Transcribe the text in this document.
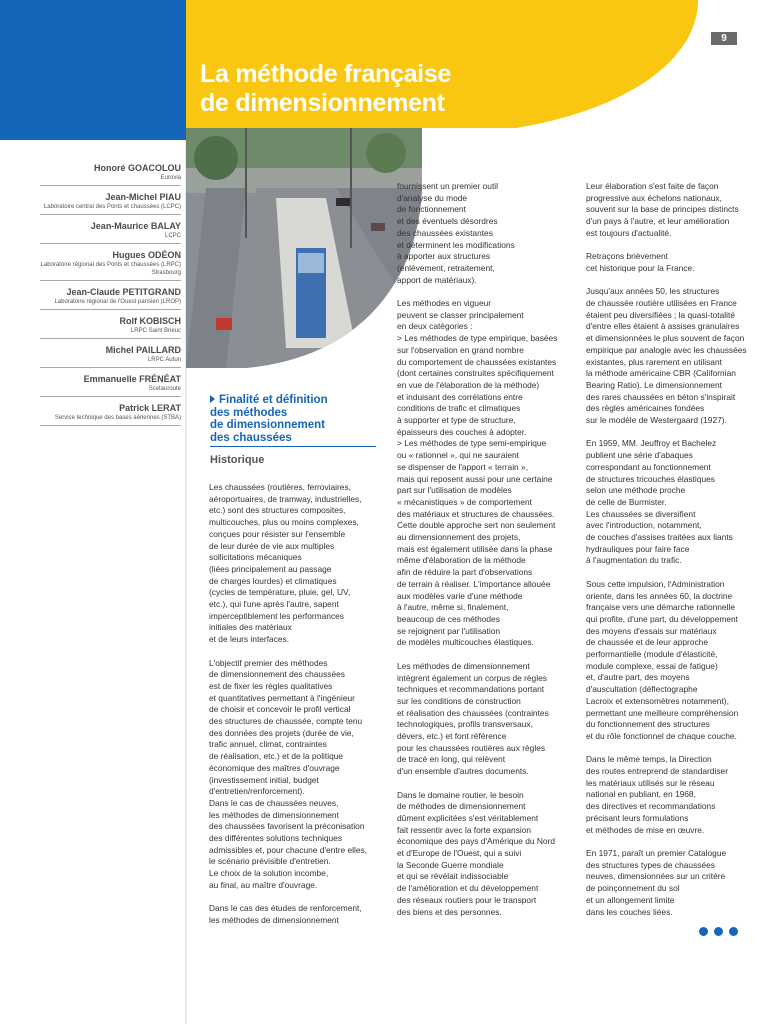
9
La méthode française
de dimensionnement
Honoré GOACOLOU
Eurovia
Jean-Michel PIAU
Laboratoire central des Ponts et chaussées (LCPC)
Jean-Maurice BALAY
LCPC
Hugues ODÉON
Laboratoire régional des Ponts et chaussées (LRPC) Strasbourg
Jean-Claude PETITGRAND
Laboratoire régional de l'Ouest parisien (LROP)
Rolf KOBISCH
LRPC Saint Brieuc
Michel PAILLARD
LRPC Autun
Emmanuelle FRÉNÉAT
Scetauroute
Patrick LERAT
Service technique des bases aériennes (STBA)
Finalité et définition
des méthodes
de dimensionnement
des chaussées
Historique

Les chaussées (routières, ferroviaires,
aéroportuaires, de tramway, industrielles,
etc.) sont des structures composites,
multicouches, plus ou moins complexes,
conçues pour résister sur l'ensemble
de leur durée de vie aux multiples
sollicitations mécaniques
(liées principalement au passage
de charges lourdes) et climatiques
(cycles de température, pluie, gel, UV,
etc.), qui l'une après l'autre, sapent
imperceptiblement les performances
initiales des matériaux
et de leurs interfaces.

L'objectif premier des méthodes
de dimensionnement des chaussées
est de fixer les règles qualitatives
et quantitatives permettant à l'ingénieur
de choisir et concevoir le profil vertical
des structures de chaussée, compte tenu
des données des projets (durée de vie,
trafic annuel, climat, contraintes
de réalisation, etc.) et de la politique
économique des maîtres d'ouvrage
(investissement initial, budget
d'entretien/renforcement).
Dans le cas de chaussées neuves,
les méthodes de dimensionnement
des chaussées favorisent la préconisation
des différentes solutions techniques
admissibles et, pour chacune d'entre elles,
le scénario prévisible d'entretien.
Le choix de la solution incombe,
au final, au maître d'ouvrage.

Dans le cas des études de renforcement,
les méthodes de dimensionnement

fournissent un premier outil
d'analyse du mode
de fonctionnement
et des éventuels désordres
des chaussées existantes
et déterminent les modifications
à apporter aux structures
(enlèvement, retraitement,
apport de matériaux).

Les méthodes en vigueur
peuvent se classer principalement
en deux catégories :
> Les méthodes de type empirique, basées
sur l'observation en grand nombre
du comportement de chaussées existantes
(dont certaines construites spécifiquement
en vue de l'élaboration de la méthode)
et induisant des corrélations entre
conditions de trafic et climatiques
à supporter et type de structure,
épaisseurs des couches à adopter.
> Les méthodes de type semi-empirique
ou « rationnel », qui ne sauraient
se dispenser de l'apport « terrain »,
mais qui reposent aussi pour une certaine
part sur l'utilisation de modèles
« mécanistiques » de comportement
des matériaux et structures de chaussées.
Cette double approche sert non seulement
au dimensionnement des projets,
mais est également utilisée dans la phase
même d'élaboration de la méthode
afin de réduire la part d'observations
de terrain à réaliser. L'importance allouée
aux modèles varie d'une méthode
à l'autre, même si, finalement,
beaucoup de ces méthodes
se rejoignent par l'utilisation
de modèles multicouches élastiques.

Les méthodes de dimensionnement
intègrent également un corpus de règles
techniques et recommandations portant
sur les conditions de construction
et réalisation des chaussées (contraintes
technologiques, profils transversaux,
dévers, etc.) et font référence
pour les chaussées routières aux règles
de tracé en long, qui relèvent
d'un ensemble d'autres documents.

Dans le domaine routier, le besoin
de méthodes de dimensionnement
dûment explicitées s'est véritablement
fait ressentir avec la forte expansion
économique des pays d'Amérique du Nord
et d'Europe de l'Ouest, qui a suivi
la Seconde Guerre mondiale
et qui se révélait indissociable
de l'amélioration et du développement
des réseaux routiers pour le transport
des biens et des personnes.

Leur élaboration s'est faite de façon
progressive aux échelons nationaux,
souvent sur la base de principes distincts
d'un pays à l'autre, et leur amélioration
est toujours d'actualité.

Retraçons brièvement
cet historique pour la France.

Jusqu'aux années 50, les structures
de chaussée routière utilisées en France
étaient peu diversifiées ; la quasi-totalité
d'entre elles étaient à assises granulaires
et dimensionnées le plus souvent de façon
empirique par analogie avec les chaussées
existantes, plus rarement en utilisant
la méthode américaine CBR (Californian
Bearing Ratio). Le dimensionnement
des rares chaussées en béton s'inspirait
des règles américaines fondées
sur le modèle de Westergaard (1927).

En 1959, MM. Jeuffroy et Bachelez
publient une série d'abaques
correspondant au fonctionnement
de structures tricouches élastiques
selon une méthode proche
de celle de Burmister.
Les chaussées se diversifient
avec l'introduction, notamment,
de couches d'assises traitées aux liants
hydrauliques pour faire face
à l'augmentation du trafic.

Sous cette impulsion, l'Administration
oriente, dans les années 60, la doctrine
française vers une démarche rationnelle
qui profite, d'une part, du développement
des moyens d'essais sur matériaux
de chaussée et de leur approche
performantielle (module d'élasticité,
module complexe, essai de fatigue)
et, d'autre part, des moyens
d'auscultation (déflectographe
Lacroix et extensomètres notamment),
permettant une meilleure compréhension
du fonctionnement des structures
et du rôle fonctionnel de chaque couche.

Dans le même temps, la Direction
des routes entreprend de standardiser
les matériaux utilisés sur le réseau
national en publiant, en 1968,
des directives et recommandations
précisant leurs formulations
et méthodes de mise en œuvre.

En 1971, paraît un premier Catalogue
des structures types de chaussées
neuves, dimensionnées sur un critère
de poinçonnement du sol
et un allongement limite
dans les couches liées.
